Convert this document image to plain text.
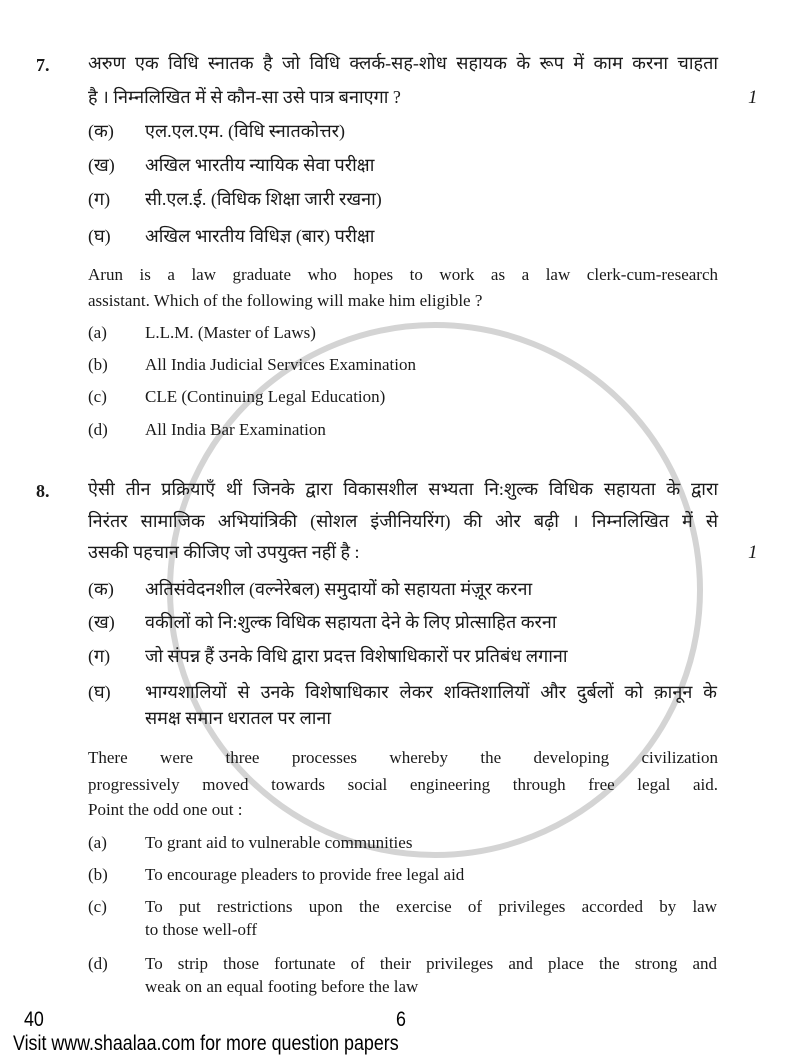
7. अरुण एक विधि स्नातक है जो विधि क्लर्क-सह-शोध सहायक के रूप में काम करना चाहता
है । निम्नलिखित में से कौन-सा उसे पात्र बनाएगा ?	1
(क) एल.एल.एम. (विधि स्नातकोत्तर)
(ख) अखिल भारतीय न्यायिक सेवा परीक्षा
(ग) सी.एल.ई. (विधिक शिक्षा जारी रखना)
(घ) अखिल भारतीय विधिज्ञ (बार) परीक्षा
Arun is a law graduate who hopes to work as a law clerk-cum-research
assistant. Which of the following will make him eligible ?
(a) L.L.M. (Master of Laws)
(b) All India Judicial Services Examination
(c) CLE (Continuing Legal Education)
(d) All India Bar Examination
8. ऐसी तीन प्रक्रियाएँ थीं जिनके द्वारा विकासशील सभ्यता नि:शुल्क विधिक सहायता के द्वारा
निरंतर सामाजिक अभियांत्रिकी (सोशल इंजीनियरिंग) की ओर बढ़ी । निम्नलिखित में से
उसकी पहचान कीजिए जो उपयुक्त नहीं है :	1
(क) अतिसंवेदनशील (वल्नेरेबल) समुदायों को सहायता मंज़ूर करना
(ख) वकीलों को नि:शुल्क विधिक सहायता देने के लिए प्रोत्साहित करना
(ग) जो संपन्न हैं उनके विधि द्वारा प्रदत्त विशेषाधिकारों पर प्रतिबंध लगाना
(घ) भाग्यशालियों से उनके विशेषाधिकार लेकर शक्तिशालियों और दुर्बलों को क़ानून के
समक्ष समान धरातल पर लाना
There were three processes whereby the developing civilization
progressively moved towards social engineering through free legal aid.
Point the odd one out :
(a) To grant aid to vulnerable communities
(b) To encourage pleaders to provide free legal aid
(c) To put restrictions upon the exercise of privileges accorded by law
to those well-off
(d) To strip those fortunate of their privileges and place the strong and
weak on an equal footing before the law
40	6
Visit www.shaalaa.com for more question papers
